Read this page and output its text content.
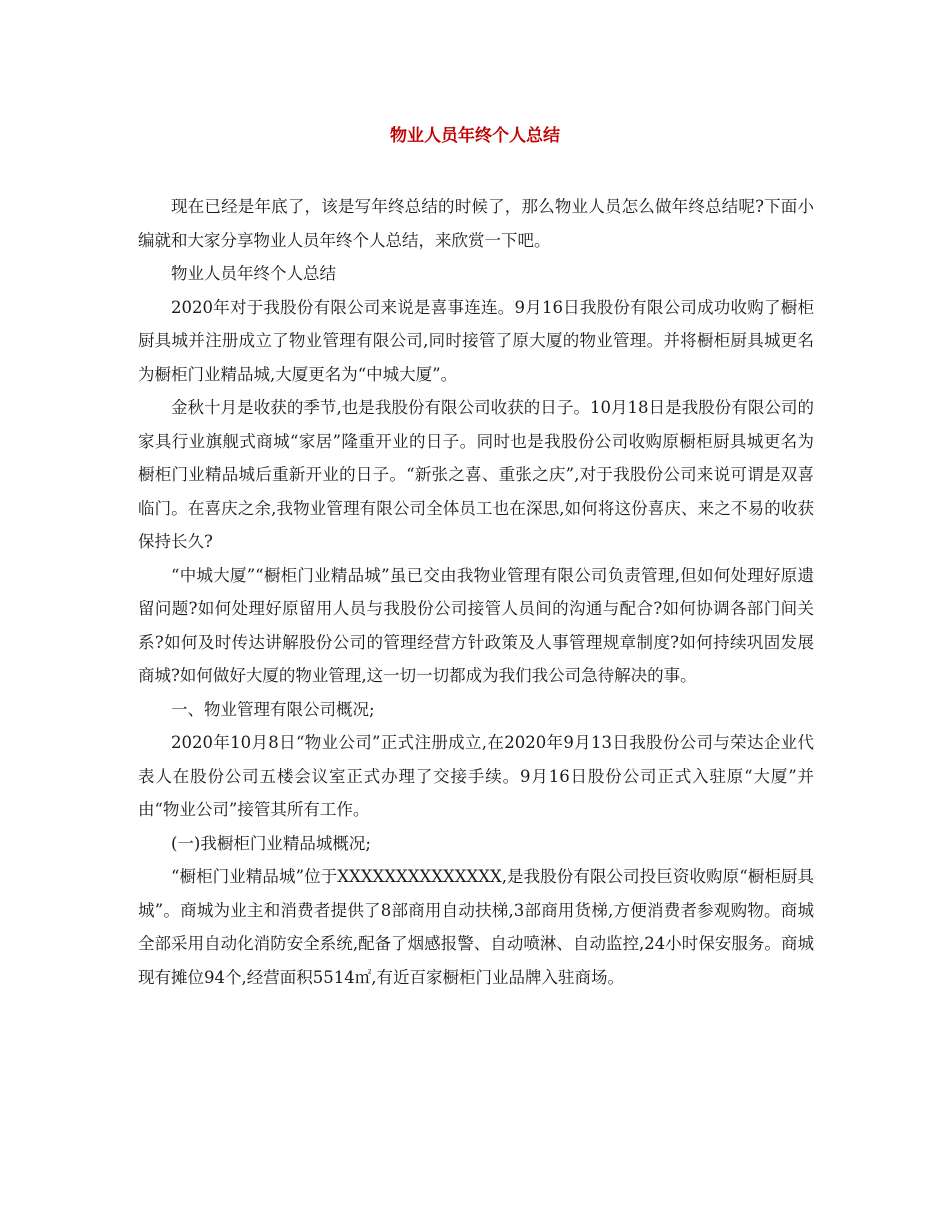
物业人员年终个人总结

现在已经是年底了，该是写年终总结的时候了，那么物业人员怎么做年终总结呢?下面小编就和大家分享物业人员年终个人总结，来欣赏一下吧。

物业人员年终个人总结

2020年对于我股份有限公司来说是喜事连连。9月16日我股份有限公司成功收购了橱柜厨具城并注册成立了物业管理有限公司,同时接管了原大厦的物业管理。并将橱柜厨具城更名为橱柜门业精品城,大厦更名为“中城大厦”。

金秋十月是收获的季节,也是我股份有限公司收获的日子。10月18日是我股份有限公司的家具行业旗舰式商城“家居”隆重开业的日子。同时也是我股份公司收购原橱柜厨具城更名为橱柜门业精品城后重新开业的日子。“新张之喜、重张之庆”,对于我股份公司来说可谓是双喜临门。在喜庆之余,我物业管理有限公司全体员工也在深思,如何将这份喜庆、来之不易的收获保持长久?

“中城大厦”“橱柜门业精品城”虽已交由我物业管理有限公司负责管理,但如何处理好原遗留问题?如何处理好原留用人员与我股份公司接管人员间的沟通与配合?如何协调各部门间关系?如何及时传达讲解股份公司的管理经营方针政策及人事管理规章制度?如何持续巩固发展商城?如何做好大厦的物业管理,这一切一切都成为我们我公司急待解决的事。

一、物业管理有限公司概况;

2020年10月8日“物业公司”正式注册成立,在2020年9月13日我股份公司与荣达企业代表人在股份公司五楼会议室正式办理了交接手续。9月16日股份公司正式入驻原“大厦”并由“物业公司”接管其所有工作。

(一)我橱柜门业精品城概况;

“橱柜门业精品城”位于XXXXXXXXXXXXXX,是我股份有限公司投巨资收购原“橱柜厨具城”。商城为业主和消费者提供了8部商用自动扶梯,3部商用货梯,方便消费者参观购物。商城全部采用自动化消防安全系统,配备了烟感报警、自动喷淋、自动监控,24小时保安服务。商城现有摊位94个,经营面积5514㎡,有近百家橱柜门业品牌入驻商场。
